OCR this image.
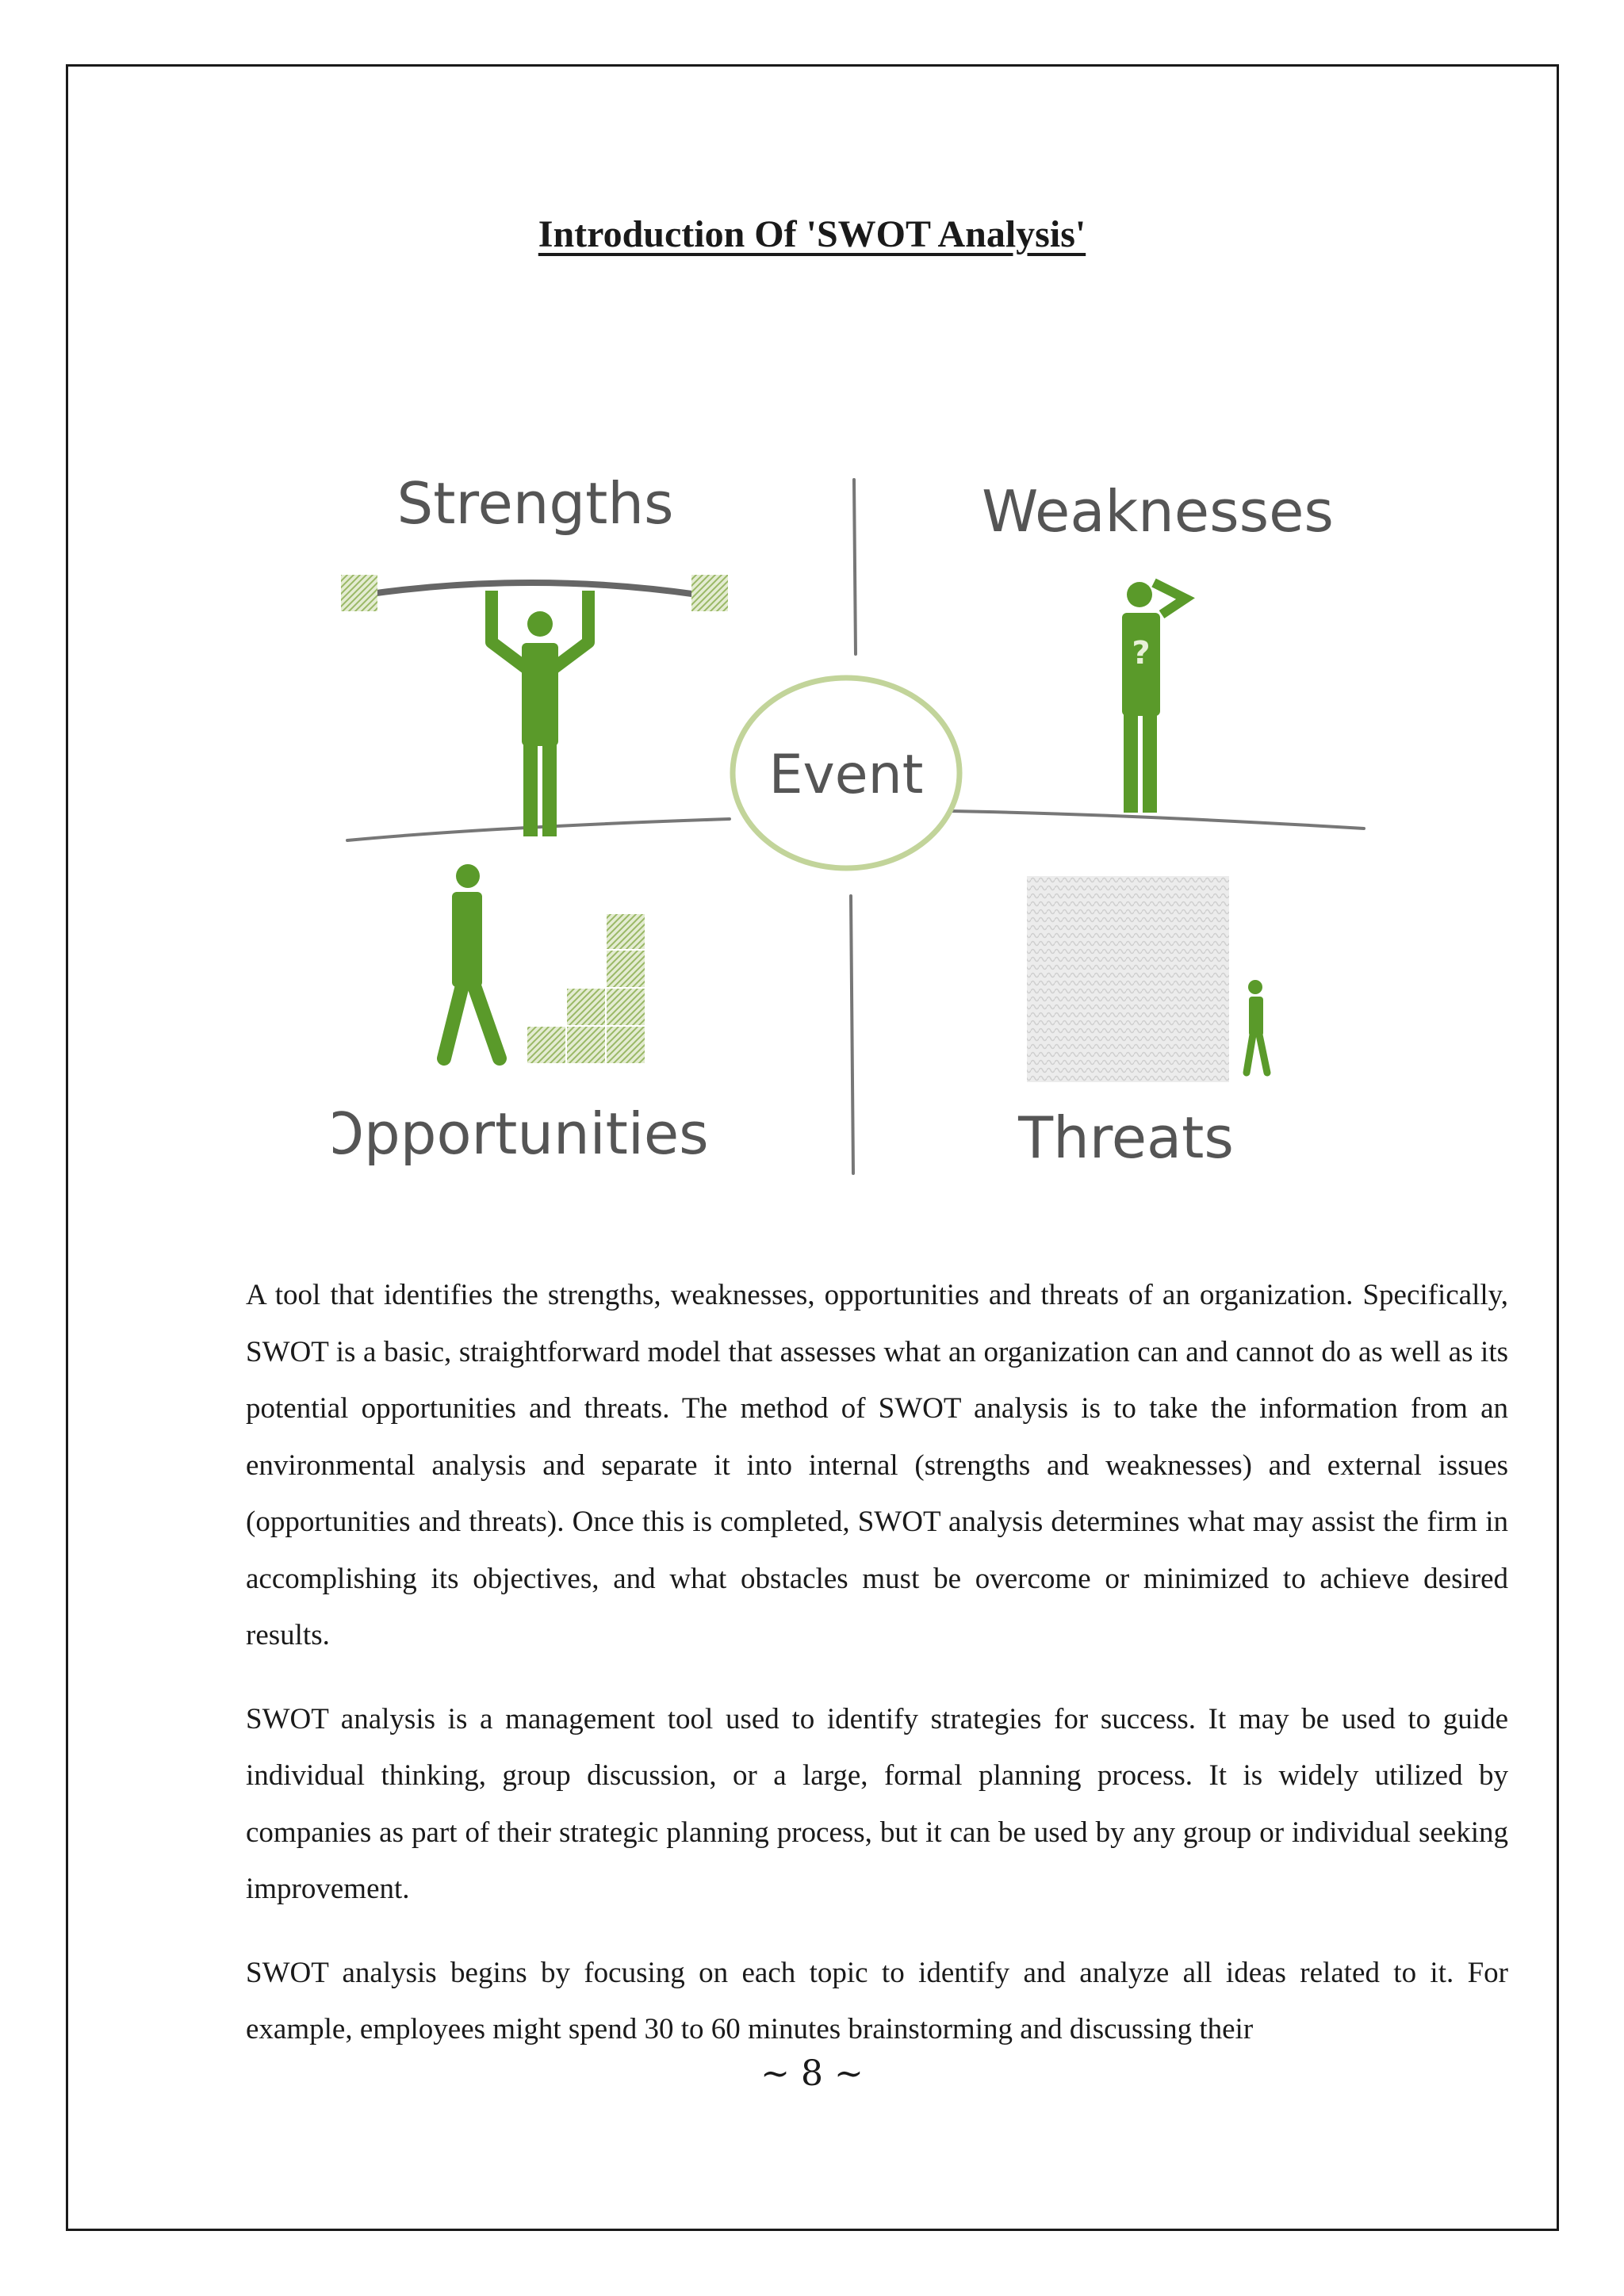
Introduction Of 'SWOT Analysis'
Event
Strengths	Weaknesses
?
Opportunities	Threats

A tool that identifies the strengths, weaknesses, opportunities and threats of an organization. Specifically, SWOT is a basic, straightforward model that assesses what an organization can and cannot do as well as its potential opportunities and threats. The method of SWOT analysis is to take the information from an environmental analysis and separate it into internal (strengths and weaknesses) and external issues (opportunities and threats). Once this is completed, SWOT analysis determines what may assist the firm in accomplishing its objectives, and what obstacles must be overcome or minimized to achieve desired results.

SWOT analysis is a management tool used to identify strategies for success. It may be used to guide individual thinking, group discussion, or a large, formal planning process. It is widely utilized by companies as part of their strategic planning process, but it can be used by any group or individual seeking improvement.

SWOT analysis begins by focusing on each topic to identify and analyze all ideas related to it. For example, employees might spend 30 to 60 minutes brainstorming and discussing their

~ 8 ~
